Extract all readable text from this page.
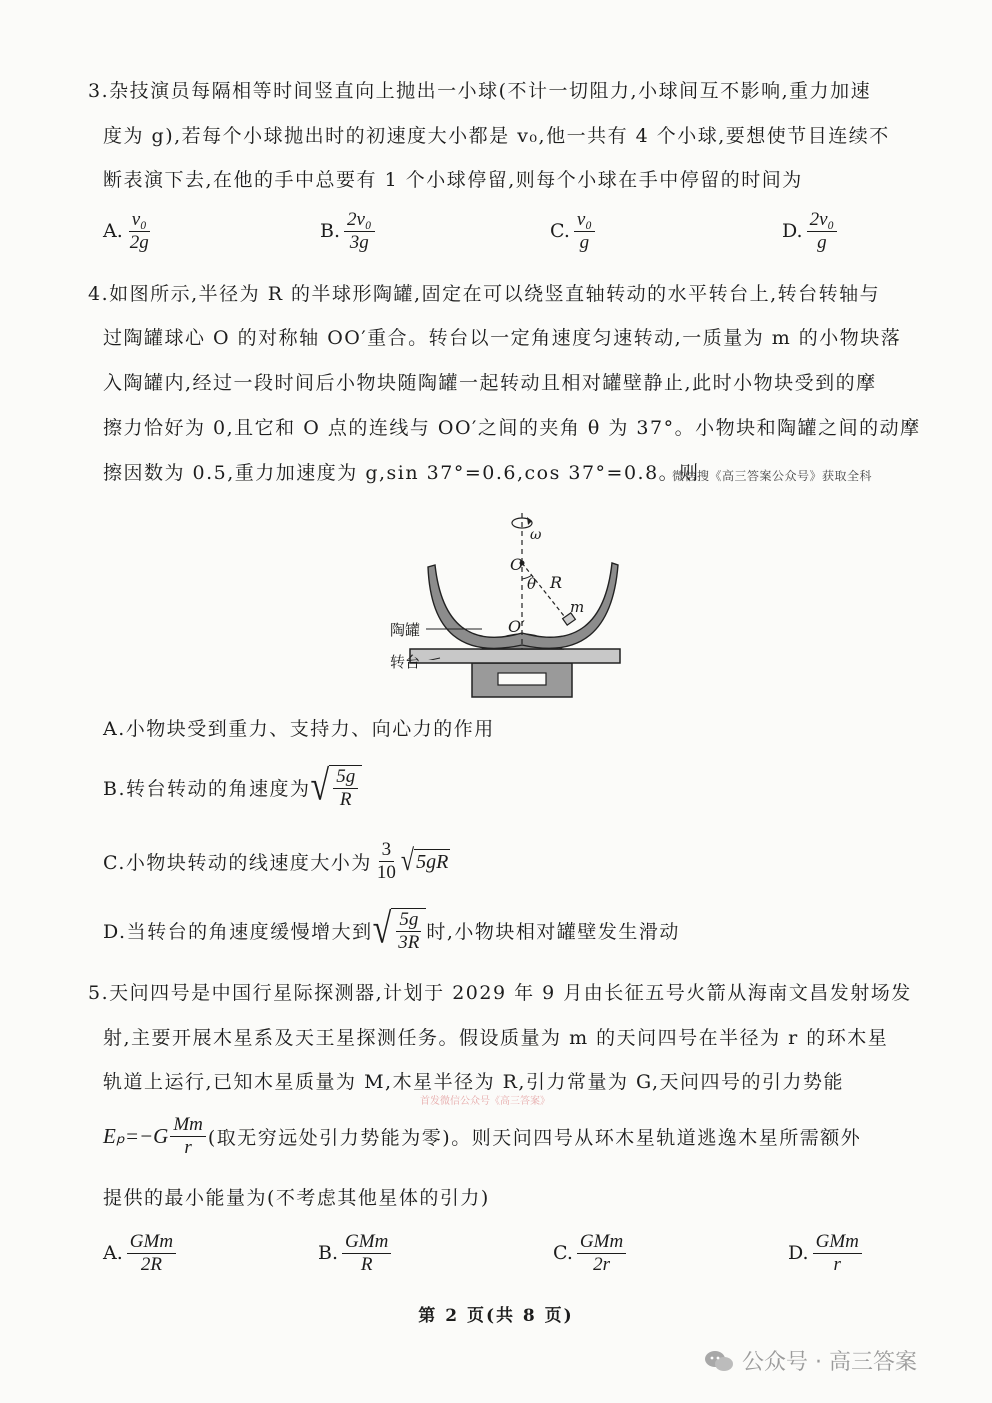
3.杂技演员每隔相等时间竖直向上抛出一小球(不计一切阻力,小球间互不影响,重力加速
度为 g),若每个小球抛出时的初速度大小都是 v₀,他一共有 4 个小球,要想使节目连续不
断表演下去,在他的手中总要有 1 个小球停留,则每个小球在手中停留的时间为
A. $\frac{\text{v₀}}{2g}$	B. $\frac{\text{2v₀}}{3g}$	C. $\frac{\text{v₀}}{g}$	D. $\frac{\text{2v₀}}{g}$
4.如图所示,半径为 R 的半球形陶罐,固定在可以绕竖直轴转动的水平转台上,转台转轴与
过陶罐球心 O 的对称轴 OO′重合。转台以一定角速度匀速转动,一质量为 m 的小物块落
入陶罐内,经过一段时间后小物块随陶罐一起转动且相对罐壁静止,此时小物块受到的摩
擦力恰好为 0,且它和 O 点的连线与 OO′之间的夹角 θ 为 37°。小物块和陶罐之间的动摩
擦因数为 0.5,重力加速度为 g,sin 37°=0.6,cos 37°=0.8。则
微信搜《高三答案公众号》获取全科
ω
O
θ R
m
O′
陶罐
转台
A.小物块受到重力、支持力、向心力的作用
B.转台转动的角速度为 √ $\frac{5g}{R}$
C.小物块转动的线速度大小为 $\frac{3}{10}$ √ 5gR
D.当转台的角速度缓慢增大到 √ $\frac{5g}{3R}$ 时,小物块相对罐壁发生滑动
5.天问四号是中国行星际探测器,计划于 2029 年 9 月由长征五号火箭从海南文昌发射场发
射,主要开展木星系及天王星探测任务。假设质量为 m 的天问四号在半径为 r 的环木星
轨道上运行,已知木星质量为 M,木星半径为 R,引力常量为 G,天问四号的引力势能
首发微信公众号《高三答案》
$E_p=-G \frac{Mm}{r}$ (取无穷远处引力势能为零)。则天问四号从环木星轨道逃逸木星所需额外
提供的最小能量为(不考虑其他星体的引力)
A. $\frac{\text{GMm}}{2R}$	B. $\frac{\text{GMm}}{R}$	C. $\frac{\text{GMm}}{2r}$	D. $\frac{\text{GMm}}{r}$
第 2 页(共 8 页)
公众号 · 高三答案
